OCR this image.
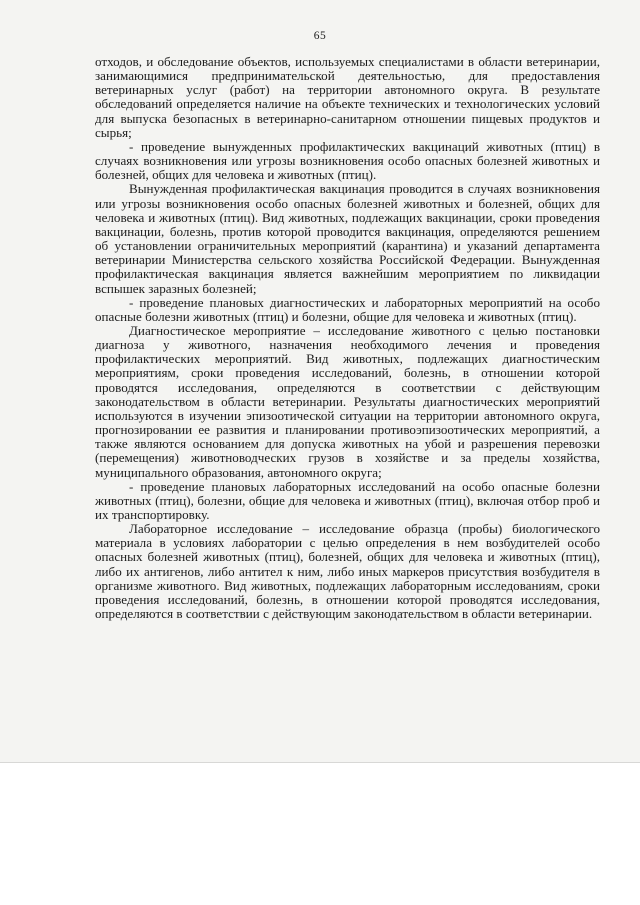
65

отходов, и обследование объектов, используемых специалистами в области ветеринарии, занимающимися предпринимательской деятельностью, для предоставления ветеринарных услуг (работ) на территории автономного округа. В результате обследований определяется наличие на объекте технических и технологических условий для выпуска безопасных в ветеринарно-санитарном отношении пищевых продуктов и сырья;

- проведение вынужденных профилактических вакцинаций животных (птиц) в случаях возникновения или угрозы возникновения особо опасных болезней животных и болезней, общих для человека и животных (птиц).

Вынужденная профилактическая вакцинация проводится в случаях возникновения или угрозы возникновения особо опасных болезней животных и болезней, общих для человека и животных (птиц). Вид животных, подлежащих вакцинации, сроки проведения вакцинации, болезнь, против которой проводится вакцинация, определяются решением об установлении ограничительных мероприятий (карантина) и указаний департамента ветеринарии Министерства сельского хозяйства Российской Федерации. Вынужденная профилактическая вакцинация является важнейшим мероприятием по ликвидации вспышек заразных болезней;

- проведение плановых диагностических и лабораторных мероприятий на особо опасные болезни животных (птиц) и болезни, общие для человека и животных (птиц).

Диагностическое мероприятие – исследование животного с целью постановки диагноза у животного, назначения необходимого лечения и проведения профилактических мероприятий. Вид животных, подлежащих диагностическим мероприятиям, сроки проведения исследований, болезнь, в отношении которой проводятся исследования, определяются в соответствии с действующим законодательством в области ветеринарии. Результаты диагностических мероприятий используются в изучении эпизоотической ситуации на территории автономного округа, прогнозировании ее развития и планировании противоэпизоотических мероприятий, а также являются основанием для допуска животных на убой и разрешения перевозки (перемещения) животноводческих грузов в хозяйстве и за пределы хозяйства, муниципального образования, автономного округа;

- проведение плановых лабораторных исследований на особо опасные болезни животных (птиц), болезни, общие для человека и животных (птиц), включая отбор проб и их транспортировку.

Лабораторное исследование – исследование образца (пробы) биологического материала в условиях лаборатории с целью определения в нем возбудителей особо опасных болезней животных (птиц), болезней, общих для человека и животных (птиц), либо их антигенов, либо антител к ним, либо иных маркеров присутствия возбудителя в организме животного. Вид животных, подлежащих лабораторным исследованиям, сроки проведения исследований, болезнь, в отношении которой проводятся исследования, определяются в соответствии с действующим законодательством в области ветеринарии.
